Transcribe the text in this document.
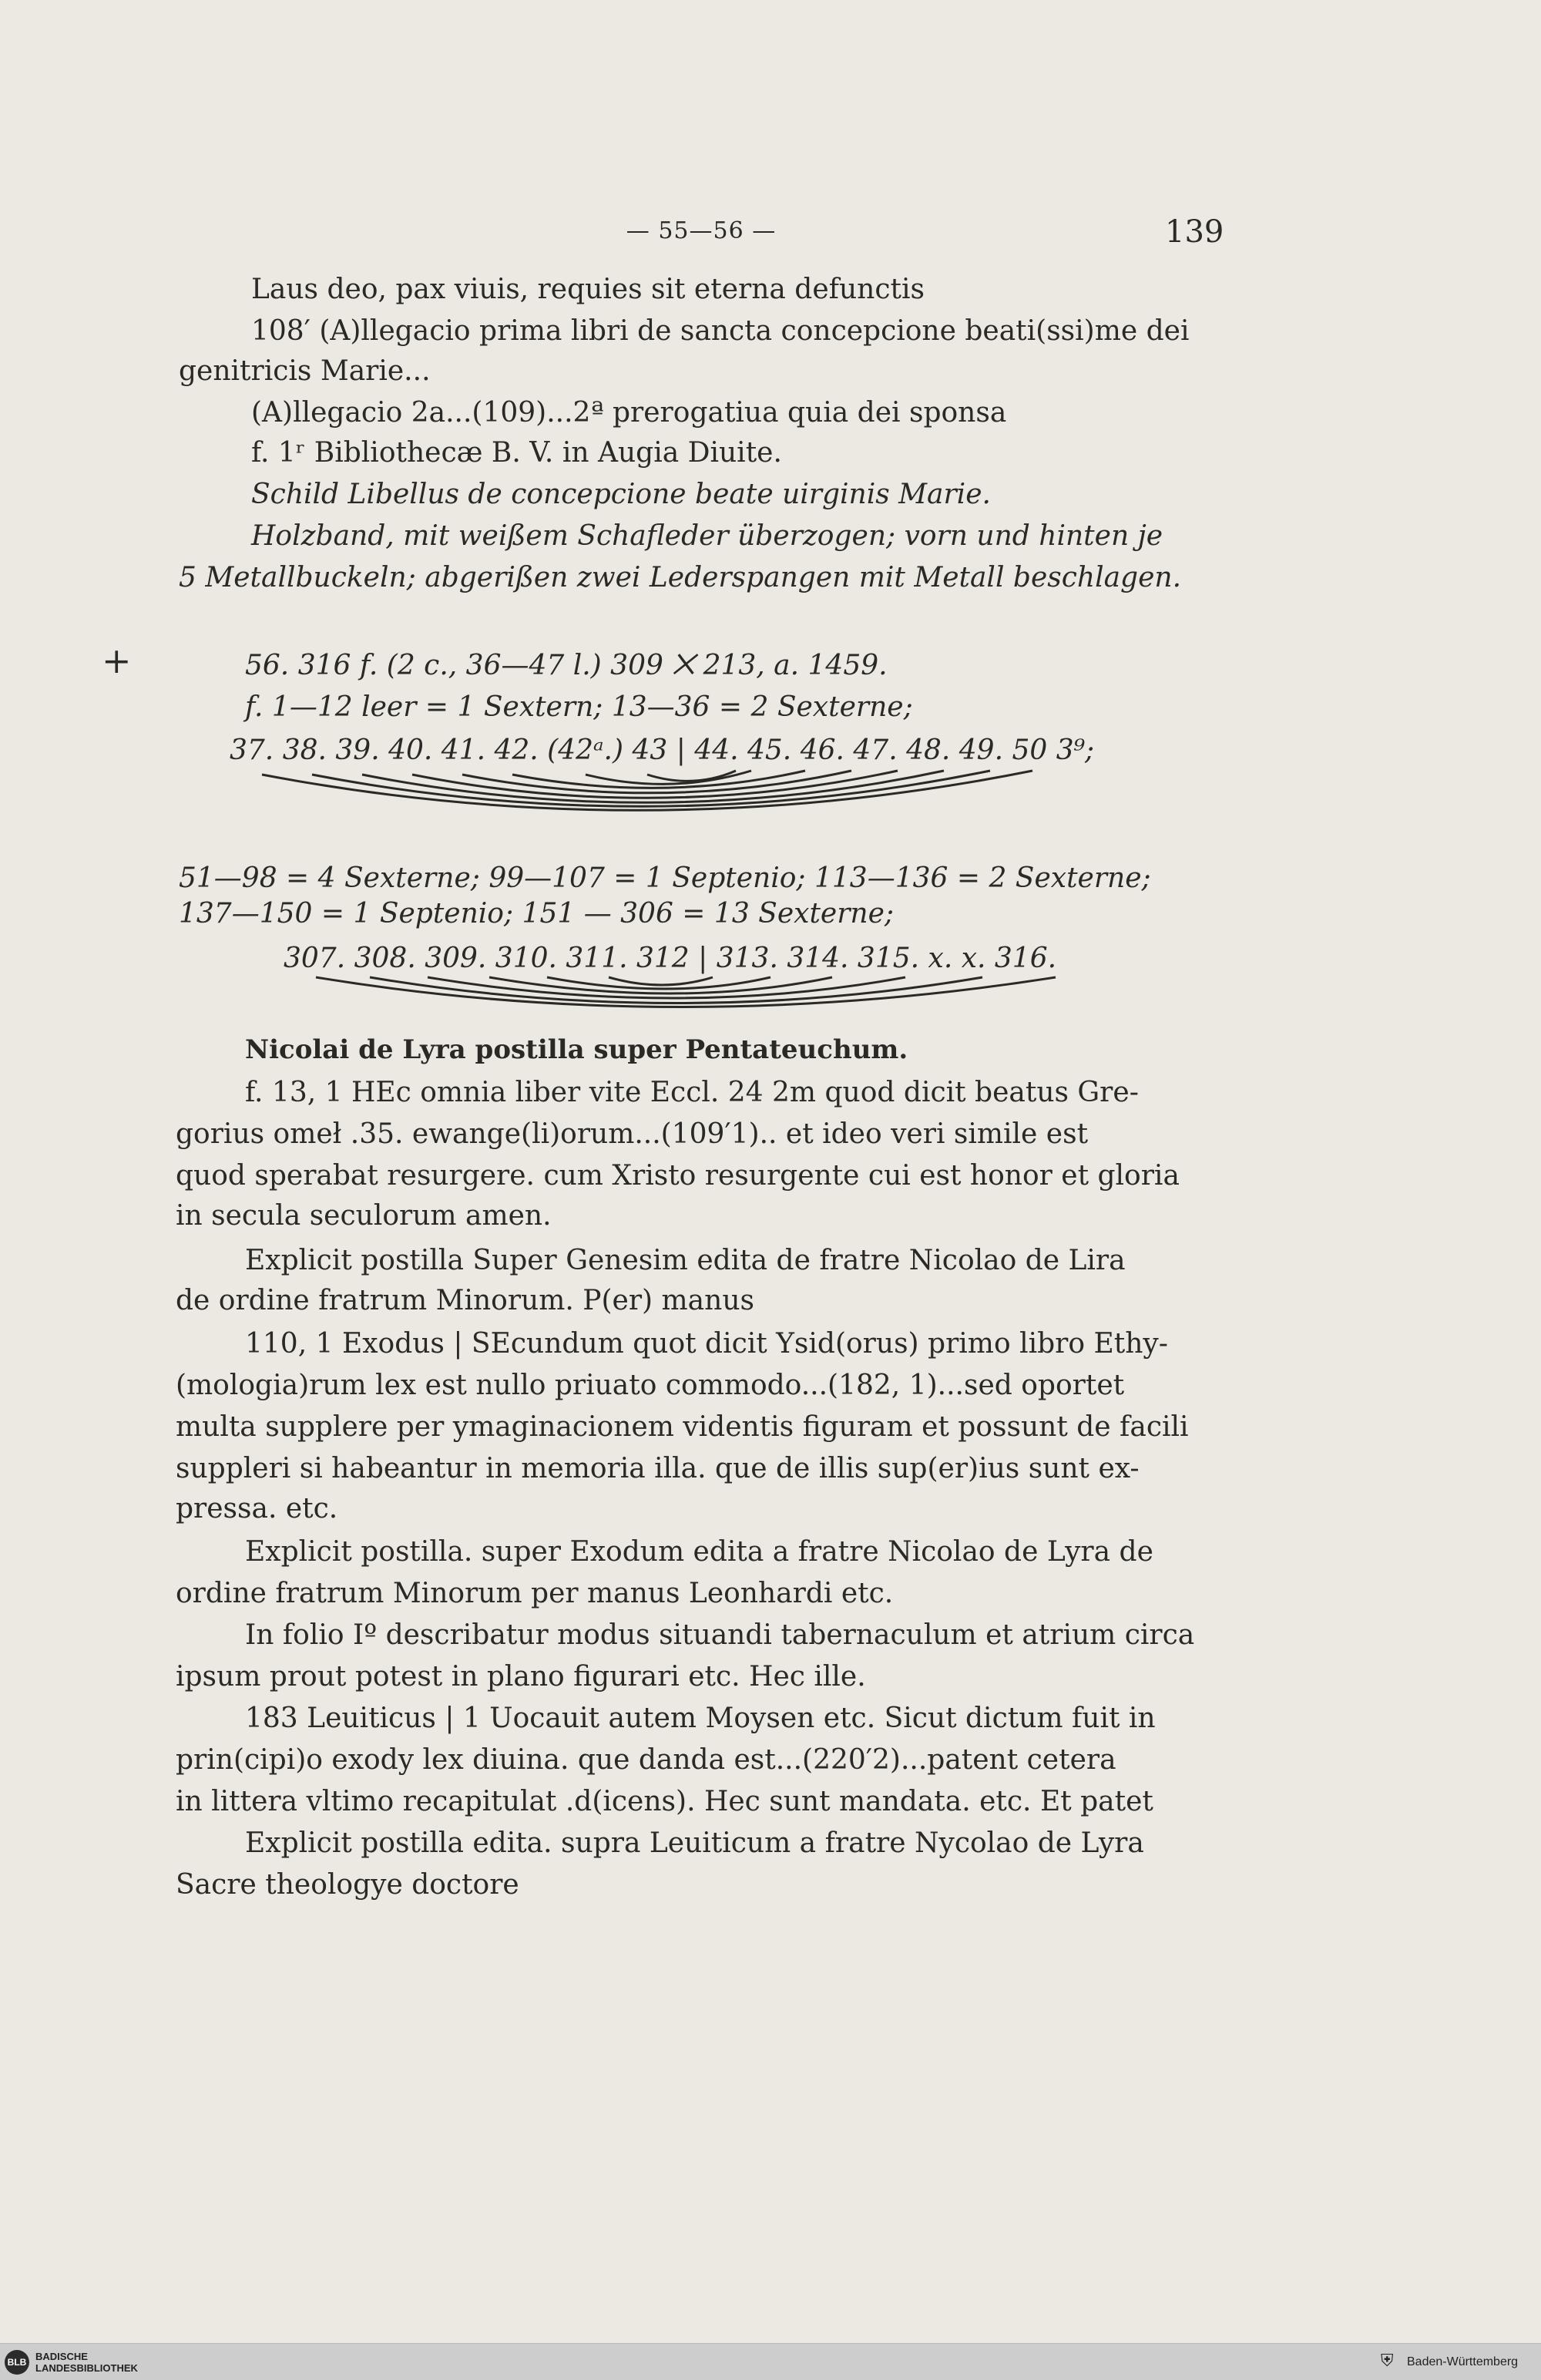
— 55—56 —	139
Laus deo, pax viuis, requies sit eterna defunctis
108′ (A)llegacio prima libri de sancta concepcione beati(ssi)me dei
genitricis Marie...
(A)llegacio 2a...(109)...2ª prerogatiua quia dei sponsa
f. 1ʳ Bibliothecæ B. V. in Augia Diuite.
Schild Libellus de concepcione beate uirginis Marie.
Holzband, mit weißem Schafleder überzogen; vorn und hinten je
5 Metallbuckeln; abgerißen zwei Lederspangen mit Metall beschlagen.
+	56. 316 f. (2 c., 36—47 l.) 309 ⨉ 213, a. 1459.
f. 1—12 leer = 1 Sextern; 13—36 = 2 Sexterne;
37. 38. 39. 40. 41. 42. (42ᵃ.) 43 | 44. 45. 46. 47. 48. 49. 50 3⁹;
51—98 = 4 Sexterne; 99—107 = 1 Septenio; 113—136 = 2 Sexterne;
137—150 = 1 Septenio; 151 — 306 = 13 Sexterne;
307. 308. 309. 310. 311. 312 | 313. 314. 315. x. x. 316.
Nicolai de Lyra postilla super Pentateuchum.
f. 13, 1 HEc omnia liber vite Eccl. 24 2m quod dicit beatus Gre-
gorius omeł .35. ewange(li)orum...(109′1).. et ideo veri simile est
quod sperabat resurgere. cum Xristo resurgente cui est honor et gloria
in secula seculorum amen.
Explicit postilla Super Genesim edita de fratre Nicolao de Lira
de ordine fratrum Minorum. P(er) manus
110, 1 Exodus | SEcundum quot dicit Ysid(orus) primo libro Ethy-
(mologia)rum lex est nullo priuato commodo...(182, 1)...sed oportet
multa supplere per ymaginacionem videntis figuram et possunt de facili
suppleri si habeantur in memoria illa. que de illis sup(er)ius sunt ex-
pressa. etc.
Explicit postilla. super Exodum edita a fratre Nicolao de Lyra de
ordine fratrum Minorum per manus Leonhardi etc.
In folio Iº describatur modus situandi tabernaculum et atrium circa
ipsum prout potest in plano figurari etc. Hec ille.
183 Leuiticus | 1 Uocauit autem Moysen etc. Sicut dictum fuit in
prin(cipi)o exody lex diuina. que danda est...(220′2)...patent cetera
in littera vltimo recapitulat .d(icens). Hec sunt mandata. etc. Et patet
Explicit postilla edita. supra Leuiticum a fratre Nycolao de Lyra
Sacre theologye doctore
BLB BADISCHE
LANDESBIBLIOTHEK	⛨	Baden-Württemberg
